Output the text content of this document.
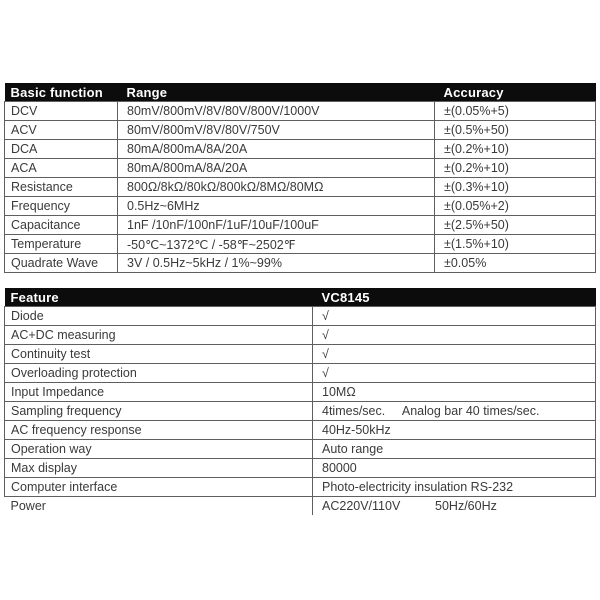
Basic function	Range	Accuracy
DCV	80mV/800mV/8V/80V/800V/1000V	±(0.05%+5)
ACV	80mV/800mV/8V/80V/750V	±(0.5%+50)
DCA	80mA/800mA/8A/20A	±(0.2%+10)
ACA	80mA/800mA/8A/20A	±(0.2%+10)
Resistance	800Ω/8kΩ/80kΩ/800kΩ/8MΩ/80MΩ	±(0.3%+10)
Frequency	0.5Hz~6MHz	±(0.05%+2)
Capacitance	1nF /10nF/100nF/1uF/10uF/100uF	±(2.5%+50)
Temperature	-50℃~1372℃ / -58℉~2502℉	±(1.5%+10)
Quadrate Wave	3V / 0.5Hz~5kHz / 1%~99%	±0.05%
Feature	VC8145
Diode	√
AC+DC measuring	√
Continuity test	√
Overloading protection	√
Input Impedance	10MΩ
Sampling frequency	4times/sec.     Analog bar 40 times/sec.
AC frequency response	40Hz-50kHz
Operation way	Auto range
Max display	80000
Computer interface	Photo-electricity insulation RS-232
Power	AC220V/110V          50Hz/60Hz
